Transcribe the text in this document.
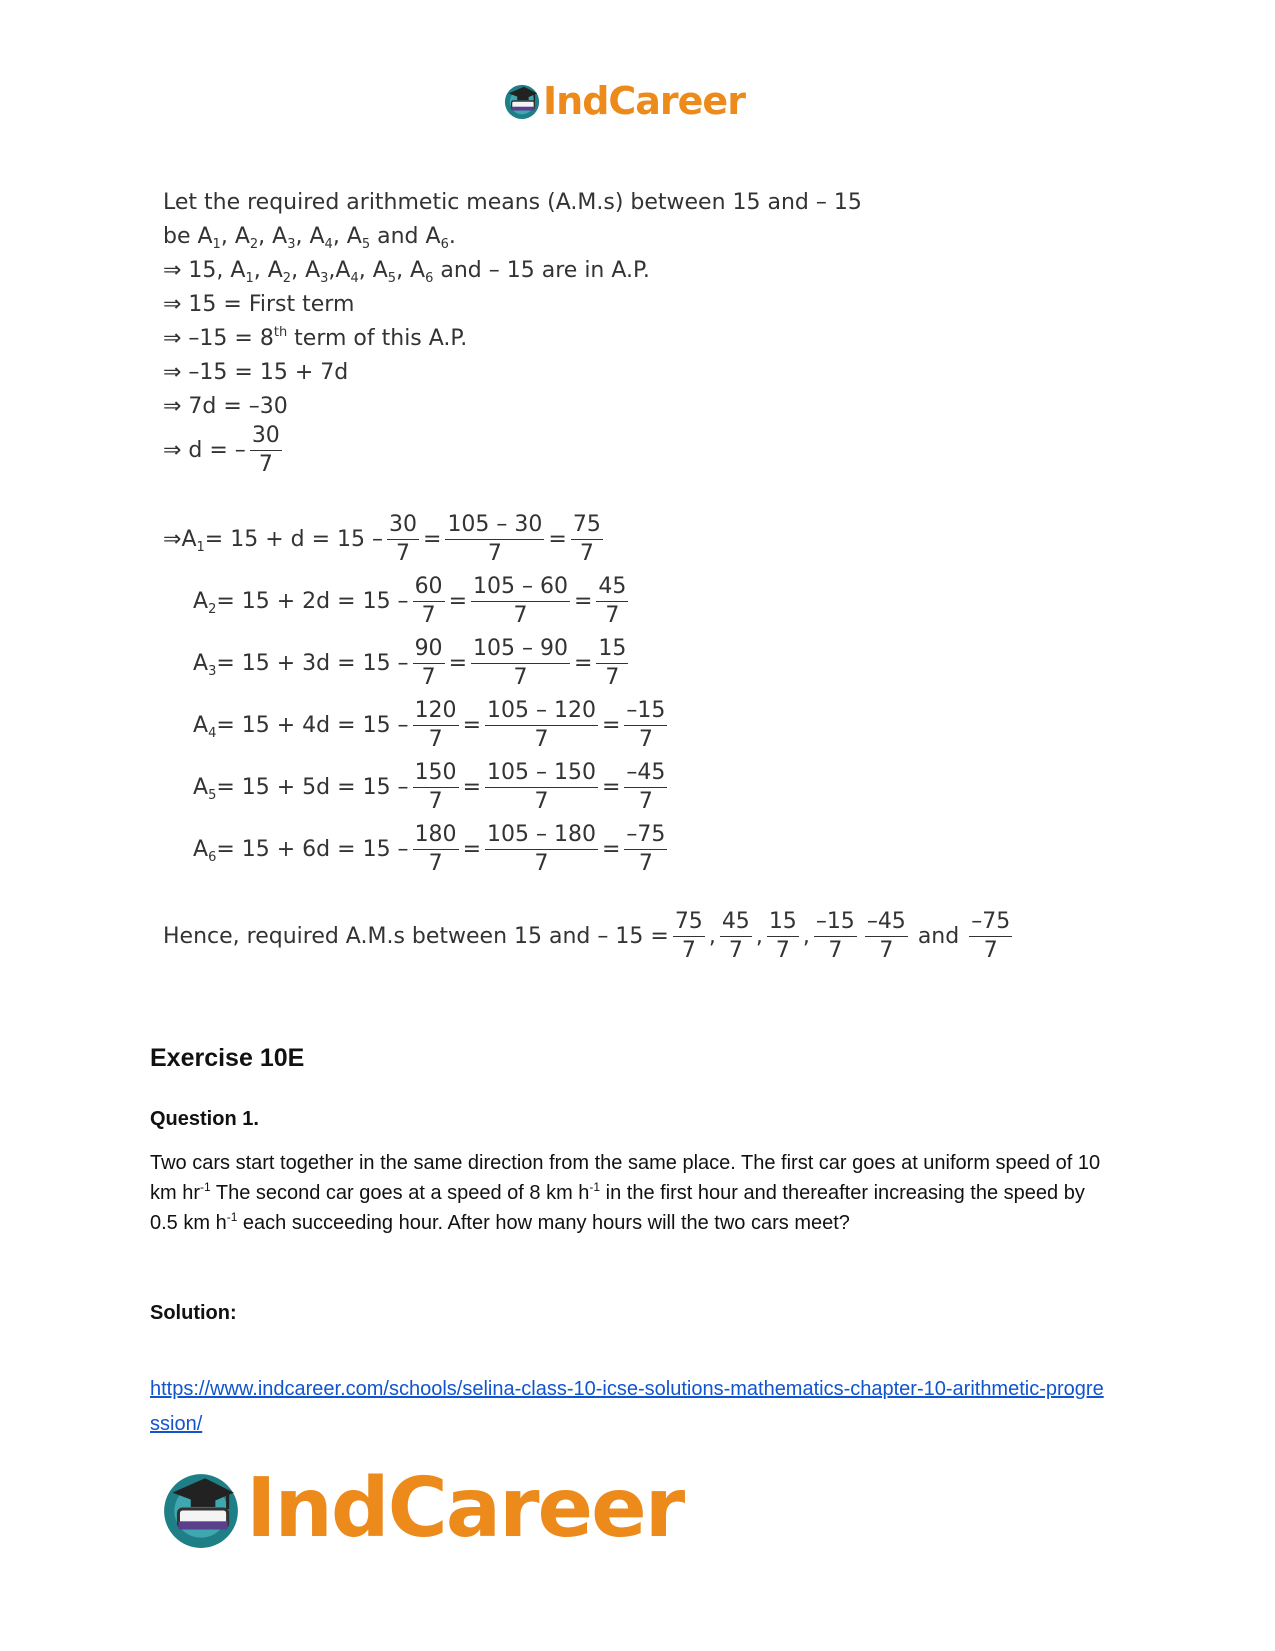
IndCareer
Let the required arithmetic means (A.M.s) between 15 and – 15
be $A_1$, $A_2$, $A_3$, $A_4$, $A_5$ and $A_6$.
⇒ 15, $A_1$, $A_2$, $A_3,A_4$, $A_5$, $A_6$ and – 15 are in A.P.
⇒ 15 = First term
⇒ –15 = 8th term of this A.P.
⇒ –15 = 15 + 7d
⇒ 7d = –30
⇒ d = – $\frac{30}{7}$
⇒ $A_1 = 15 + d = 15 - \frac{30}{7} = \frac{105 - 30}{7} = \frac{75}{7}$
$A_2 = 15 + 2d = 15 - \frac{60}{7} = \frac{105 - 60}{7} = \frac{45}{7}$
$A_3 = 15 + 3d = 15 - \frac{90}{7} = \frac{105 - 90}{7} = \frac{15}{7}$
$A_4 = 15 + 4d = 15 - \frac{120}{7} = \frac{105 - 120}{7} = \frac{-15}{7}$
$A_5 = 15 + 5d = 15 - \frac{150}{7} = \frac{105 - 150}{7} = \frac{-45}{7}$
$A_6 = 15 + 6d = 15 - \frac{180}{7} = \frac{105 - 180}{7} = \frac{-75}{7}$
Hence, required A.M.s between 15 and – $15 = \frac{75}{7}$ , $\frac{45}{7}$ , $\frac{15}{7}$ , $\frac{-15}{7} \frac{-45}{7}$ and $\frac{-75}{7}$
Exercise 10E
Question 1.

Two cars start together in the same direction from the same place. The first car goes at uniform speed of 10 km $hr^{-1}$ The second car goes at a speed of 8 km $h^{-1}$ in the first hour and thereafter increasing the speed by 0.5 km $h^{-1}$ each succeeding hour. After how many hours will the two cars meet?

Solution:
https://www.indcareer.com/schools/selina-class-10-icse-solutions-mathematics-chapter-10-arithmetic-progression/
IndCareer
